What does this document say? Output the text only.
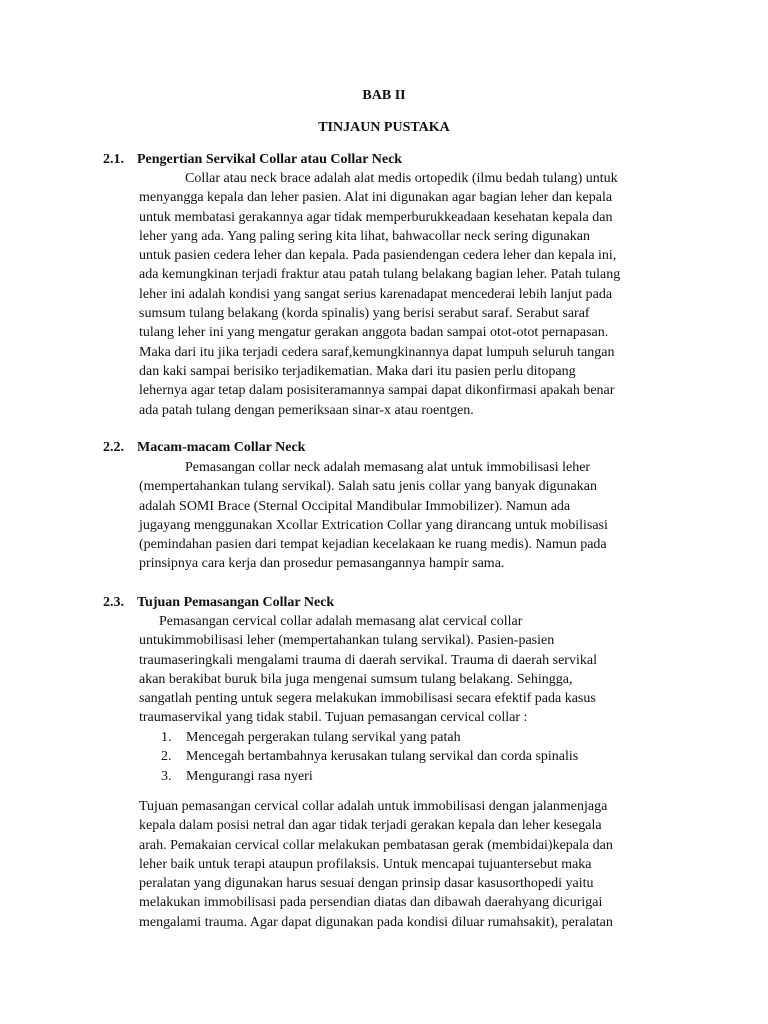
BAB II
TINJAUN PUSTAKA
2.1. Pengertian Servikal Collar atau Collar Neck
Collar atau neck brace adalah alat medis ortopedik (ilmu bedah tulang) untuk
menyangga kepala dan leher pasien. Alat ini digunakan agar bagian leher dan kepala
untuk membatasi gerakannya agar tidak memperburukkeadaan kesehatan kepala dan
leher yang ada. Yang paling sering kita lihat, bahwacollar neck sering digunakan
untuk pasien cedera leher dan kepala. Pada pasiendengan cedera leher dan kepala ini,
ada kemungkinan terjadi fraktur atau patah tulang belakang bagian leher. Patah tulang
leher ini adalah kondisi yang sangat serius karenadapat mencederai lebih lanjut pada
sumsum tulang belakang (korda spinalis) yang berisi serabut saraf. Serabut saraf
tulang leher ini yang mengatur gerakan anggota badan sampai otot-otot pernapasan.
Maka dari itu jika terjadi cedera saraf,kemungkinannya dapat lumpuh seluruh tangan
dan kaki sampai berisiko terjadikematian. Maka dari itu pasien perlu ditopang
lehernya agar tetap dalam posisiteramannya sampai dapat dikonfirmasi apakah benar
ada patah tulang dengan pemeriksaan sinar-x atau roentgen.
2.2. Macam-macam Collar Neck
Pemasangan collar neck adalah memasang alat untuk immobilisasi leher
(mempertahankan tulang servikal). Salah satu jenis collar yang banyak digunakan
adalah SOMI Brace (Sternal Occipital Mandibular Immobilizer). Namun ada
jugayang menggunakan Xcollar Extrication Collar yang dirancang untuk mobilisasi
(pemindahan pasien dari tempat kejadian kecelakaan ke ruang medis). Namun pada
prinsipnya cara kerja dan prosedur pemasangannya hampir sama.
2.3. Tujuan Pemasangan Collar Neck
Pemasangan cervical collar adalah memasang alat cervical collar
untukimmobilisasi leher (mempertahankan tulang servikal). Pasien-pasien
traumaseringkali mengalami trauma di daerah servikal. Trauma di daerah servikal
akan berakibat buruk bila juga mengenai sumsum tulang belakang. Sehingga,
sangatlah penting untuk segera melakukan immobilisasi secara efektif pada kasus
traumaservikal yang tidak stabil. Tujuan pemasangan cervical collar :
1. Mencegah pergerakan tulang servikal yang patah
2. Mencegah bertambahnya kerusakan tulang servikal dan corda spinalis
3. Mengurangi rasa nyeri
Tujuan pemasangan cervical collar adalah untuk immobilisasi dengan jalanmenjaga
kepala dalam posisi netral dan agar tidak terjadi gerakan kepala dan leher kesegala
arah. Pemakaian cervical collar melakukan pembatasan gerak (membidai)kepala dan
leher baik untuk terapi ataupun profilaksis. Untuk mencapai tujuantersebut maka
peralatan yang digunakan harus sesuai dengan prinsip dasar kasusorthopedi yaitu
melakukan immobilisasi pada persendian diatas dan dibawah daerahyang dicurigai
mengalami trauma. Agar dapat digunakan pada kondisi diluar rumahsakit), peralatan
